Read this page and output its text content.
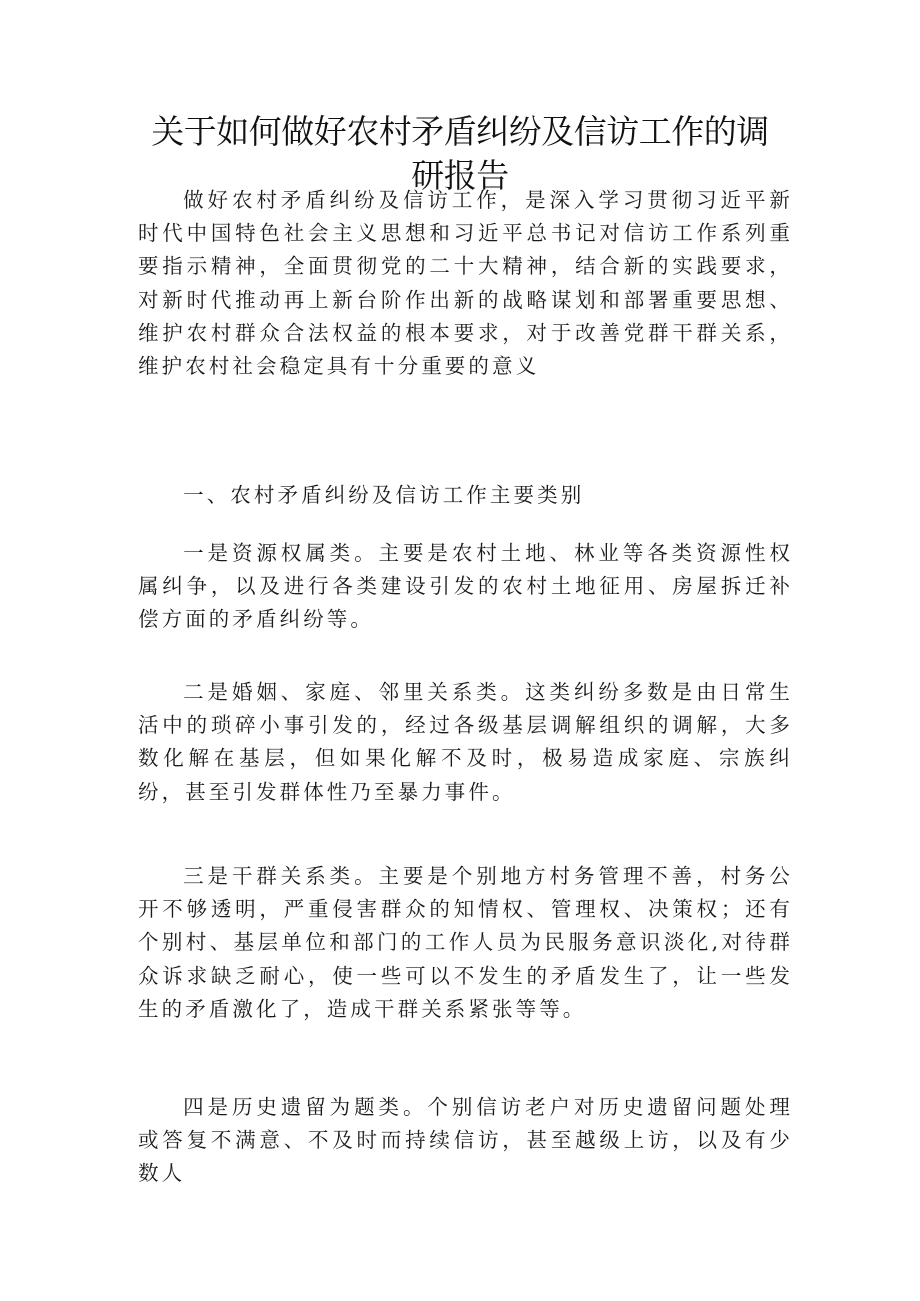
关于如何做好农村矛盾纠纷及信访工作的调
研报告

做好农村矛盾纠纷及信访工作，是深入学习贯彻习近平新时代中国特色社会主义思想和习近平总书记对信访工作系列重要指示精神，全面贯彻党的二十大精神，结合新的实践要求，对新时代推动再上新台阶作出新的战略谋划和部署重要思想、维护农村群众合法权益的根本要求，对于改善党群干群关系，维护农村社会稳定具有十分重要的意义

一、农村矛盾纠纷及信访工作主要类别

一是资源权属类。主要是农村土地、林业等各类资源性权属纠争，以及进行各类建设引发的农村土地征用、房屋拆迁补偿方面的矛盾纠纷等。

二是婚姻、家庭、邻里关系类。这类纠纷多数是由日常生活中的琐碎小事引发的，经过各级基层调解组织的调解，大多数化解在基层，但如果化解不及时，极易造成家庭、宗族纠纷，甚至引发群体性乃至暴力事件。

三是干群关系类。主要是个别地方村务管理不善，村务公开不够透明，严重侵害群众的知情权、管理权、决策权；还有个别村、基层单位和部门的工作人员为民服务意识淡化,对待群众诉求缺乏耐心，使一些可以不发生的矛盾发生了，让一些发生的矛盾激化了，造成干群关系紧张等等。

四是历史遗留为题类。个别信访老户对历史遗留问题处理或答复不满意、不及时而持续信访，甚至越级上访，以及有少数人
